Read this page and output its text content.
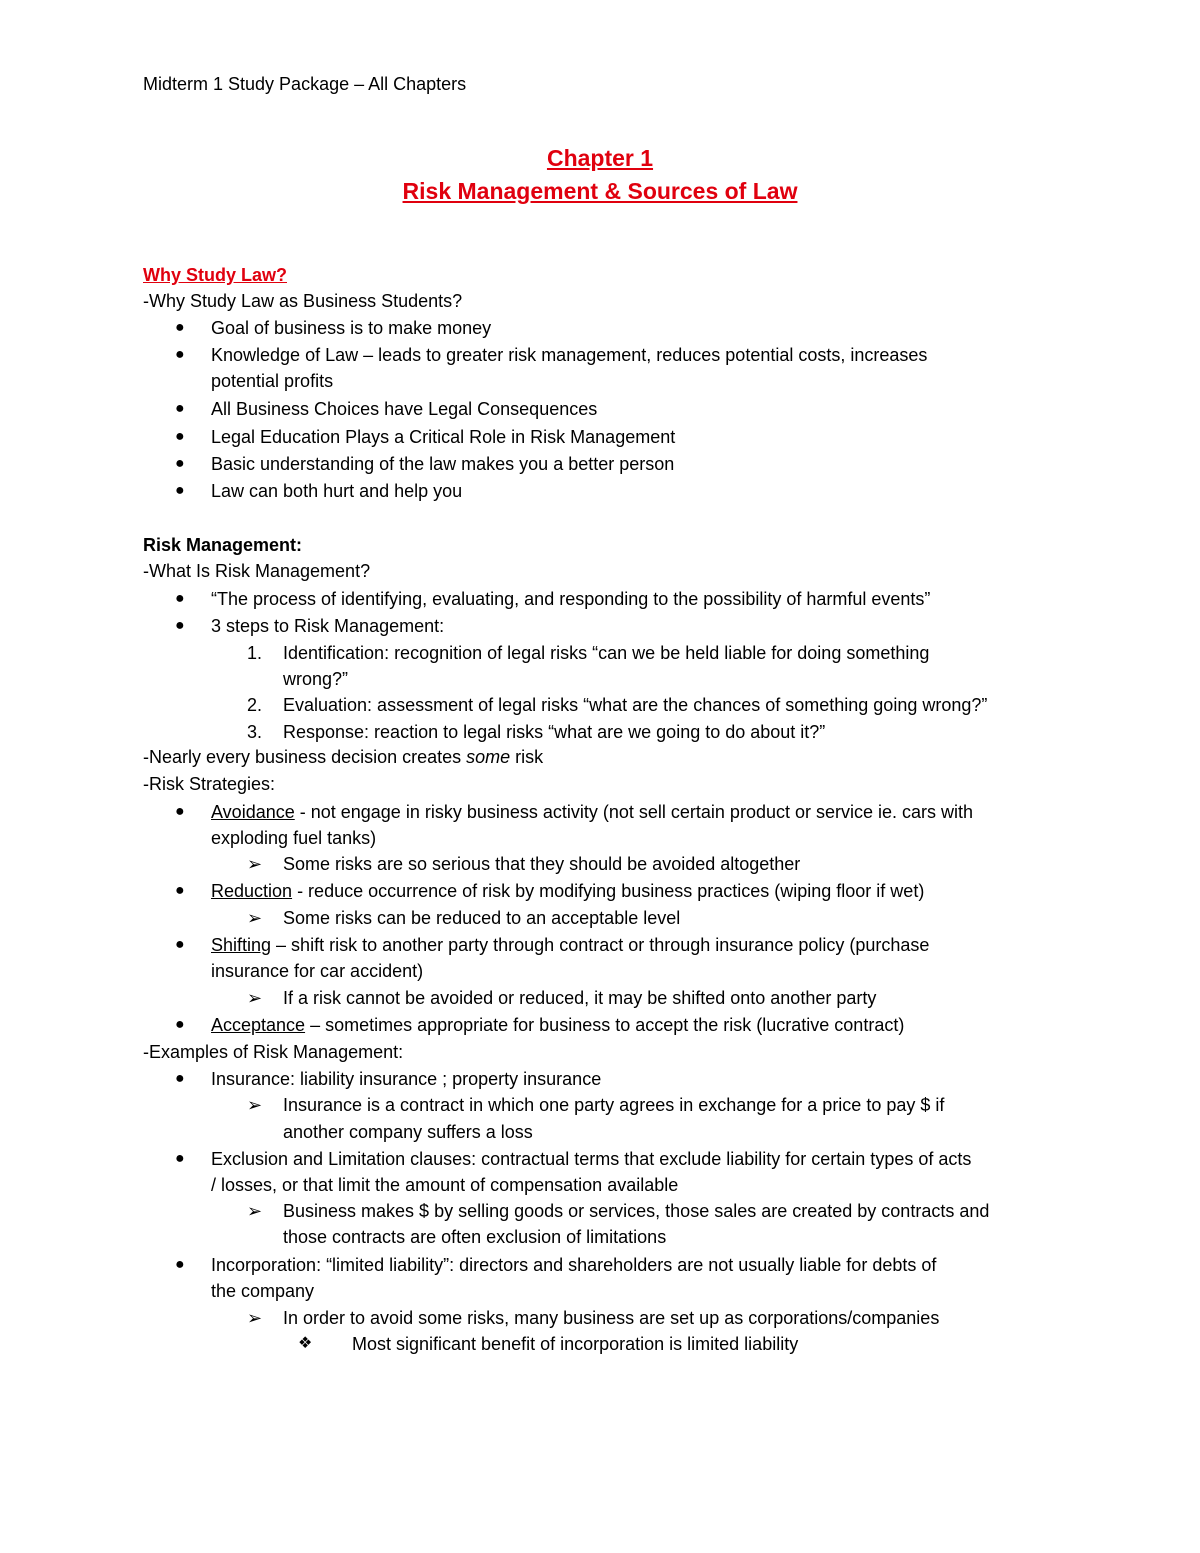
Midterm 1 Study Package – All Chapters
Chapter 1
Risk Management & Sources of Law
Why Study Law?
-Why Study Law as Business Students?
● Goal of business is to make money
● Knowledge of Law – leads to greater risk management, reduces potential costs, increases
potential profits
● All Business Choices have Legal Consequences
● Legal Education Plays a Critical Role in Risk Management
● Basic understanding of the law makes you a better person
● Law can both hurt and help you
Risk Management:
-What Is Risk Management?
● “The process of identifying, evaluating, and responding to the possibility of harmful events”
● 3 steps to Risk Management:
1. Identification: recognition of legal risks “can we be held liable for doing something
wrong?”
2. Evaluation: assessment of legal risks “what are the chances of something going wrong?”
3. Response: reaction to legal risks “what are we going to do about it?”
-Nearly every business decision creates some risk
-Risk Strategies:
● Avoidance - not engage in risky business activity (not sell certain product or service ie. cars with
exploding fuel tanks)
➢ Some risks are so serious that they should be avoided altogether
● Reduction - reduce occurrence of risk by modifying business practices (wiping floor if wet)
➢ Some risks can be reduced to an acceptable level
● Shifting – shift risk to another party through contract or through insurance policy (purchase
insurance for car accident)
➢ If a risk cannot be avoided or reduced, it may be shifted onto another party
● Acceptance – sometimes appropriate for business to accept the risk (lucrative contract)
-Examples of Risk Management:
● Insurance: liability insurance ; property insurance
➢ Insurance is a contract in which one party agrees in exchange for a price to pay $ if
another company suffers a loss
● Exclusion and Limitation clauses: contractual terms that exclude liability for certain types of acts
/ losses, or that limit the amount of compensation available
➢ Business makes $ by selling goods or services, those sales are created by contracts and
those contracts are often exclusion of limitations
● Incorporation: “limited liability”: directors and shareholders are not usually liable for debts of
the company
➢ In order to avoid some risks, many business are set up as corporations/companies
❖ Most significant benefit of incorporation is limited liability
